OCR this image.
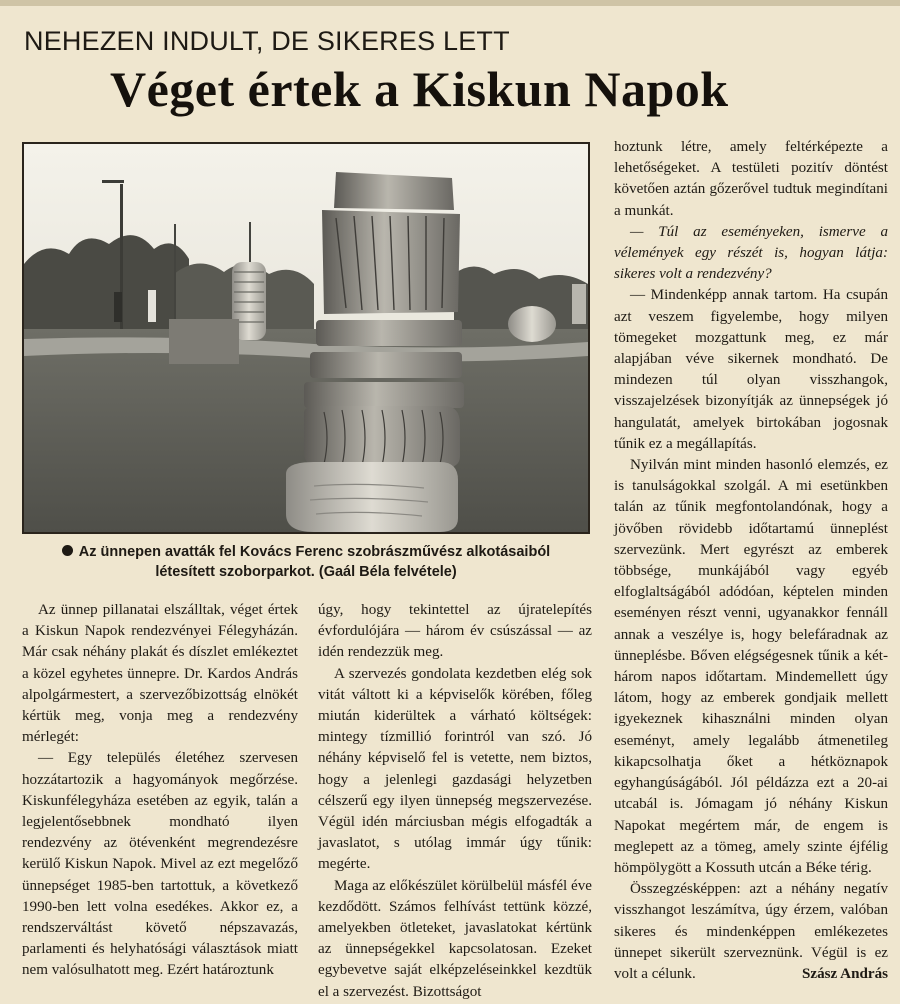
NEHEZEN INDULT, DE SIKERES LETT
Véget értek a Kiskun Napok
Az ünnepen avatták fel Kovács Ferenc szobrászművész alkotásaiból
létesített szoborparkot. (Gaál Béla felvétele)

Az ünnep pillanatai elszálltak, véget értek a Kiskun Napok rendezvényei Félegyházán. Már csak néhány plakát és díszlet emlékeztet a közel egyhetes ünnepre. Dr. Kardos András alpolgármestert, a szervezőbizottság elnökét kértük meg, vonja meg a rendezvény mérlegét:

— Egy település életéhez szervesen hozzátartozik a hagyományok megőrzése. Kiskunfélegyháza esetében az egyik, talán a legjelentősebbnek mondható ilyen rendezvény az ötévenként megrendezésre kerülő Kiskun Napok. Mivel az ezt megelőző ünnepséget 1985-ben tartottuk, a következő 1990-ben lett volna esedékes. Akkor ez, a rendszerváltást követő népszavazás, parlamenti és helyhatósági választások miatt nem valósulhatott meg. Ezért határoztunk

úgy, hogy tekintettel az újratelepítés évfordulójára — három év csúszással — az idén rendezzük meg.

A szervezés gondolata kezdetben elég sok vitát váltott ki a képviselők körében, főleg miután kiderültek a várható költségek: mintegy tízmillió forintról van szó. Jó néhány képviselő fel is vetette, nem biztos, hogy a jelenlegi gazdasági helyzetben célszerű egy ilyen ünnepség megszervezése. Végül idén márciusban mégis elfogadták a javaslatot, s utólag immár úgy tűnik: megérte.

Maga az előkészület körülbelül másfél éve kezdődött. Számos felhívást tettünk közzé, amelyekben ötleteket, javaslatokat kértünk az ünnepségekkel kapcsolatosan. Ezeket egybevetve saját elképzeléseinkkel kezdtük el a szervezést. Bizottságot

hoztunk létre, amely feltérképezte a lehetőségeket. A testületi pozitív döntést követően aztán gőzerővel tudtuk megindítani a munkát.

— Túl az eseményeken, ismerve a vélemények egy részét is, hogyan látja: sikeres volt a rendezvény?

— Mindenképp annak tartom. Ha csupán azt veszem figyelembe, hogy milyen tömegeket mozgattunk meg, ez már alapjában véve sikernek mondható. De mindezen túl olyan visszhangok, visszajelzések bizonyítják az ünnepségek jó hangulatát, amelyek birtokában jogosnak tűnik ez a megállapítás.

Nyilván mint minden hasonló elemzés, ez is tanulságokkal szolgál. A mi esetünkben talán az tűnik megfontolandónak, hogy a jövőben rövidebb időtartamú ünneplést szervezünk. Mert egyrészt az emberek többsége, munkájából vagy egyéb elfoglaltságából adódóan, képtelen minden eseményen részt venni, ugyanakkor fennáll annak a veszélye is, hogy belefáradnak az ünneplésbe. Bőven elégségesnek tűnik a két-három napos időtartam. Mindemellett úgy látom, hogy az emberek gondjaik mellett igyekeznek kihasználni minden olyan eseményt, amely legalább átmenetileg kikapcsolhatja őket a hétköznapok egyhangúságából. Jól példázza ezt a 20-ai utcabál is. Jómagam jó néhány Kiskun Napokat megértem már, de engem is meglepett az a tömeg, amely szinte éjfélig hömpölygött a Kossuth utcán a Béke térig.

Összegzésképpen: azt a néhány negatív visszhangot leszámítva, úgy érzem, valóban sikeres és mindenképpen emlékezetes ünnepet sikerült szerveznünk. Végül is ez volt a célunk.	Szász András
